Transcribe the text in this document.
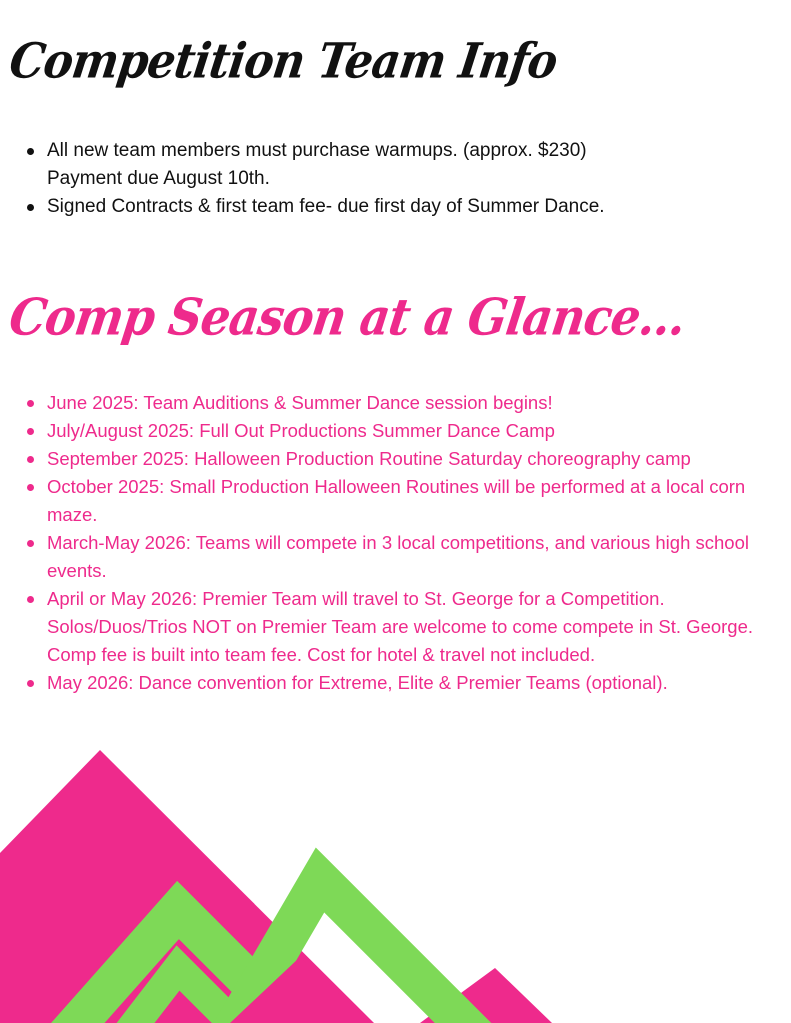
Competition Team Info
All new team members must purchase warmups. (approx. $230)
Payment due August 10th.
Signed Contracts & first team fee- due first day of Summer Dance.
Comp Season at a Glance...
June 2025: Team Auditions & Summer Dance session begins!
July/August 2025: Full Out Productions Summer Dance Camp
September 2025: Halloween Production Routine Saturday choreography camp
October 2025: Small Production Halloween Routines will be performed at a local corn maze.
March-May 2026: Teams will compete in 3 local competitions, and various high school events.
April or May 2026: Premier Team will travel to St. George for a Competition. Solos/Duos/Trios NOT on Premier Team are welcome to come compete in St. George. Comp fee is built into team fee. Cost for hotel & travel not included.
May 2026: Dance convention for Extreme, Elite & Premier Teams (optional).
